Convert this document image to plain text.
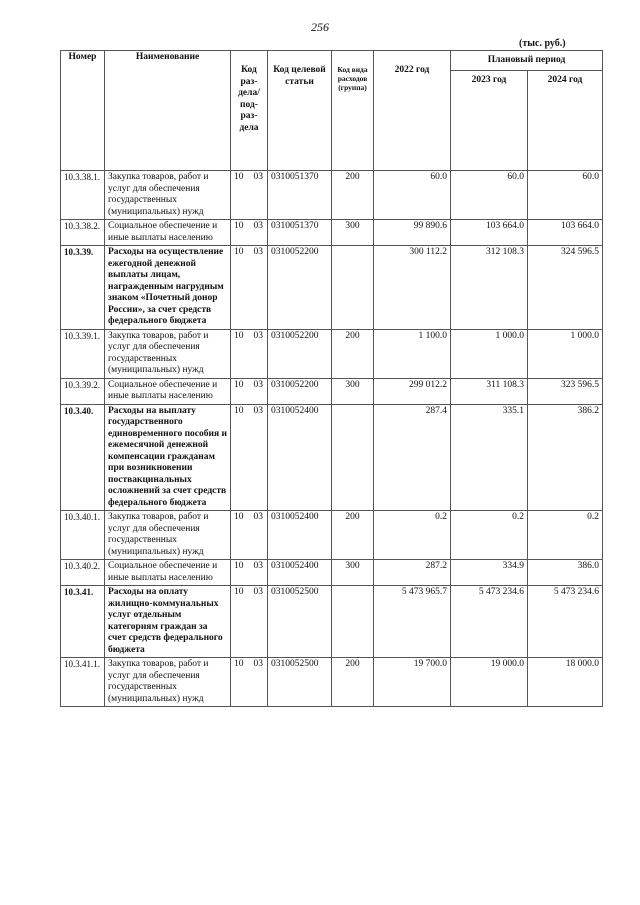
256
(тыс. руб.)
Номер	Наименование	Код раз- дела/ под- раз- дела	Код целевой статьи	Код вида расходов (группа)	2022 год	Плановый период	
						2023 год	2024 год
10.3.38.1.	Закупка товаров, работ и услуг для обеспечения государственных (муниципальных) нужд	10 03	0310051370	200	60.0	60.0	60.0
10.3.38.2.	Социальное обеспечение и иные выплаты населению	10 03	0310051370	300	99 890.6	103 664.0	103 664.0
10.3.39.	Расходы на осуществление ежегодной денежной выплаты лицам, награжденным нагрудным знаком «Почетный донор России», за счет средств федерального бюджета	10 03	0310052200		300 112.2	312 108.3	324 596.5
10.3.39.1.	Закупка товаров, работ и услуг для обеспечения государственных (муниципальных) нужд	10 03	0310052200	200	1 100.0	1 000.0	1 000.0
10.3.39.2.	Социальное обеспечение и иные выплаты населению	10 03	0310052200	300	299 012.2	311 108.3	323 596.5
10.3.40.	Расходы на выплату государственного единовременного пособия и ежемесячной денежной компенсации гражданам при возникновении поствакцинальных осложнений за счет средств федерального бюджета	10 03	0310052400		287.4	335.1	386.2
10.3.40.1.	Закупка товаров, работ и услуг для обеспечения государственных (муниципальных) нужд	10 03	0310052400	200	0.2	0.2	0.2
10.3.40.2.	Социальное обеспечение и иные выплаты населению	10 03	0310052400	300	287.2	334.9	386.0
10.3.41.	Расходы на оплату жилищно-коммунальных услуг отдельным категориям граждан за счет средств федерального бюджета	10 03	0310052500		5 473 965.7	5 473 234.6	5 473 234.6
10.3.41.1.	Закупка товаров, работ и услуг для обеспечения государственных (муниципальных) нужд	10 03	0310052500	200	19 700.0	19 000.0	18 000.0
